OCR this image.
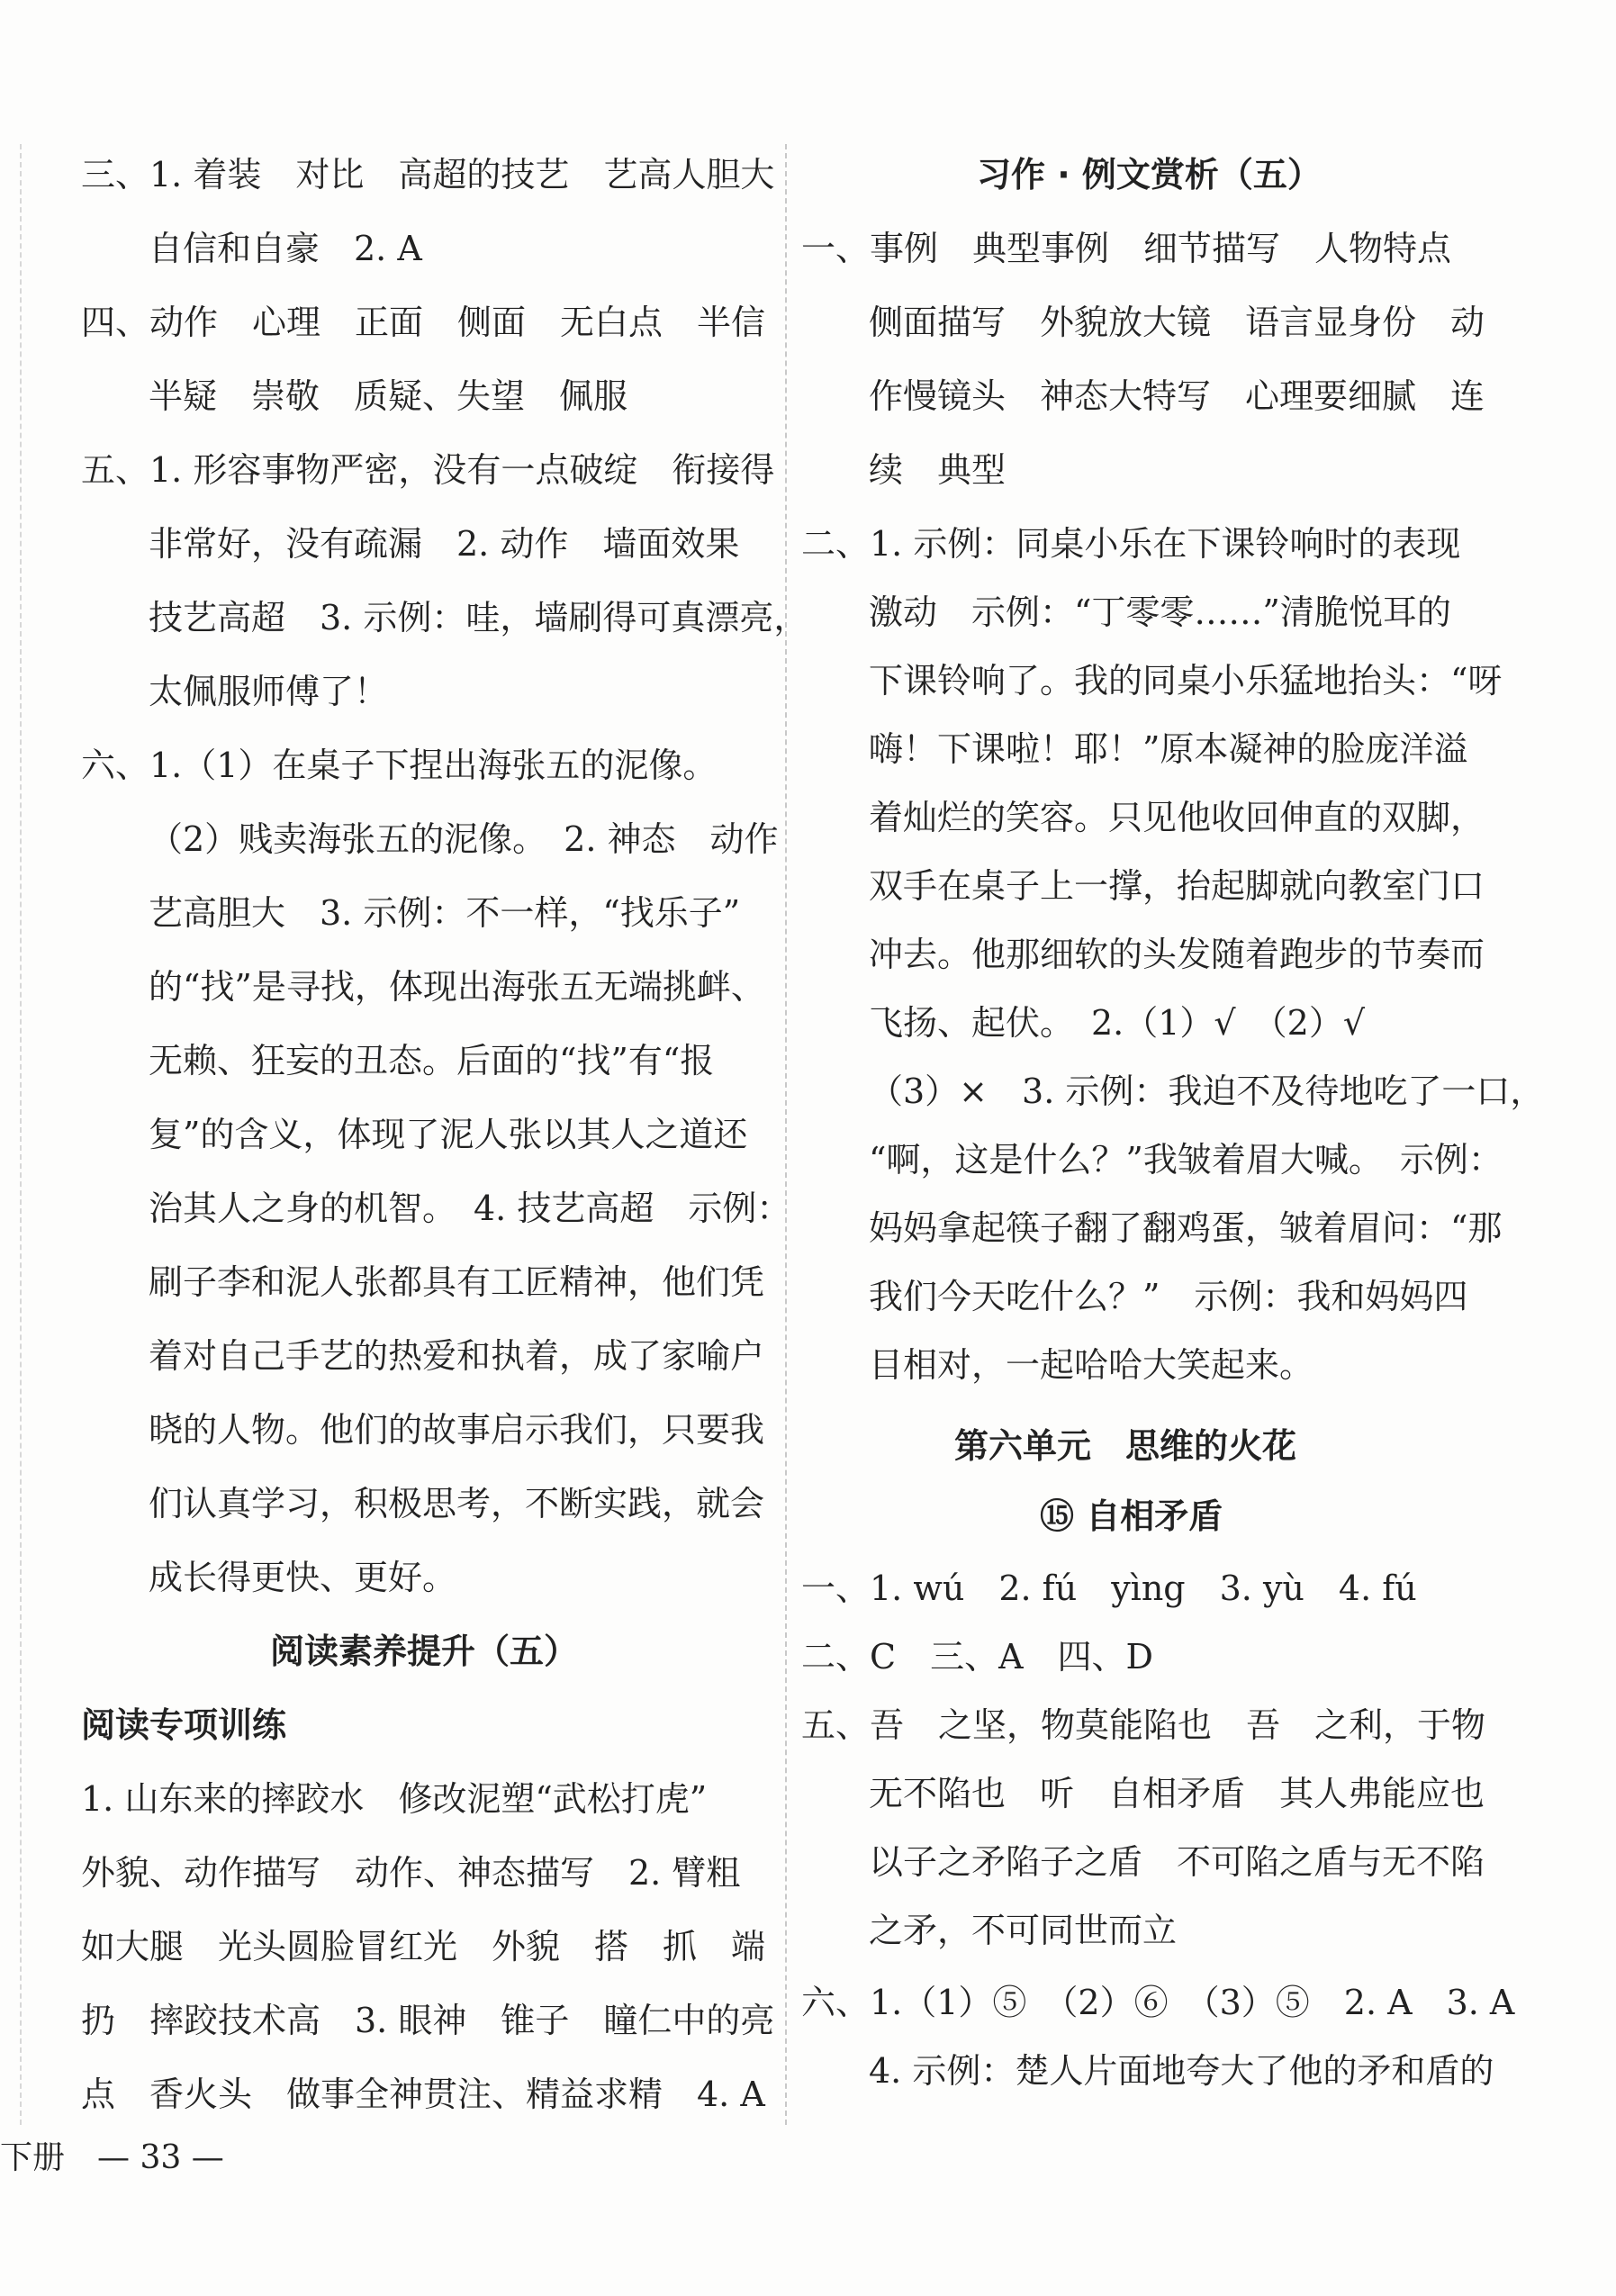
三、1. 着装　对比　高超的技艺　艺高人胆大
自信和自豪　2. A
四、动作　心理　正面　侧面　无白点　半信
半疑　崇敬　质疑、失望　佩服
五、1. 形容事物严密，没有一点破绽　衔接得
非常好，没有疏漏　2. 动作　墙面效果
技艺高超　3. 示例：哇，墙刷得可真漂亮，
太佩服师傅了！
六、1.（1）在桌子下捏出海张五的泥像。
（2）贱卖海张五的泥像。　2. 神态　动作
艺高胆大　3. 示例：不一样，“找乐子”
的“找”是寻找，体现出海张五无端挑衅、
无赖、狂妄的丑态。后面的“找”有“报
复”的含义，体现了泥人张以其人之道还
治其人之身的机智。　4. 技艺高超　示例：
刷子李和泥人张都具有工匠精神，他们凭
着对自己手艺的热爱和执着，成了家喻户
晓的人物。他们的故事启示我们，只要我
们认真学习，积极思考，不断实践，就会
成长得更快、更好。
阅读素养提升（五）
阅读专项训练
1. 山东来的摔跤水　修改泥塑“武松打虎”
外貌、动作描写　动作、神态描写　2. 臂粗
如大腿　光头圆脸冒红光　外貌　搭　抓　端
扔　摔跤技术高　3. 眼神　锥子　瞳仁中的亮
点　香火头　做事全神贯注、精益求精　4. A
习作 · 例文赏析（五）
一、事例　典型事例　细节描写　人物特点
侧面描写　外貌放大镜　语言显身份　动
作慢镜头　神态大特写　心理要细腻　连
续　典型
二、1. 示例：同桌小乐在下课铃响时的表现
激动　示例：“丁零零……”清脆悦耳的
下课铃响了。我的同桌小乐猛地抬头：“呀
嗨！下课啦！耶！”原本凝神的脸庞洋溢
着灿烂的笑容。只见他收回伸直的双脚，
双手在桌子上一撑，抬起脚就向教室门口
冲去。他那细软的头发随着跑步的节奏而
飞扬、起伏。　2.（1）√　（2）√
（3）×　3. 示例：我迫不及待地吃了一口，
“啊，这是什么？”我皱着眉大喊。　示例：
妈妈拿起筷子翻了翻鸡蛋，皱着眉问：“那
我们今天吃什么？”　示例：我和妈妈四
目相对，一起哈哈大笑起来。
第六单元　思维的火花
⑮ 自相矛盾
一、1. wú　2. fú　yìng　3. yù　4. fú
二、C　三、A　四、D
五、吾　之坚，物莫能陷也　吾　之利，于物
无不陷也　听　自相矛盾　其人弗能应也
以子之矛陷子之盾　不可陷之盾与无不陷
之矛，不可同世而立
六、1.（1）⑤　（2）⑥　（3）⑤　2. A　3. A
4. 示例：楚人片面地夸大了他的矛和盾的
下册　— 33 —
